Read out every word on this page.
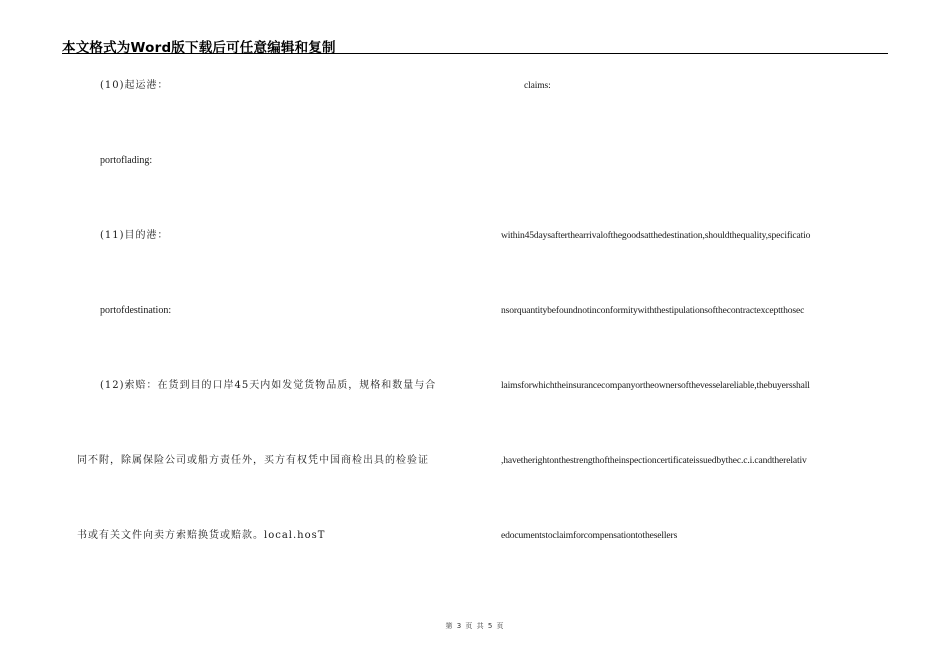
本文格式为Word版下载后可任意编辑和复制
(10)起运港：
portoflading:
(11)目的港：
portofdestination:
(12)索赔：在货到目的口岸45天内如发觉货物品质，规格和数量与合
同不附，除属保险公司或船方责任外，买方有权凭中国商检出具的检验证
书或有关文件向卖方索赔换货或赔款。local.hosT
claims:
within45daysafterthearrivalofthegoodsatthedestination,shouldthequality,specificatio
nsorquantitybefoundnotinconformitywiththestipulationsofthecontractexceptthosec
laimsforwhichtheinsurancecompanyortheownersofthevesselareliable,thebuyersshall
,havetherightonthestrengthoftheinspectioncertificateissuedbythec.c.i.candtherelativ
edocumentstoclaimforcompensationtothesellers
第 3 页 共 5 页
